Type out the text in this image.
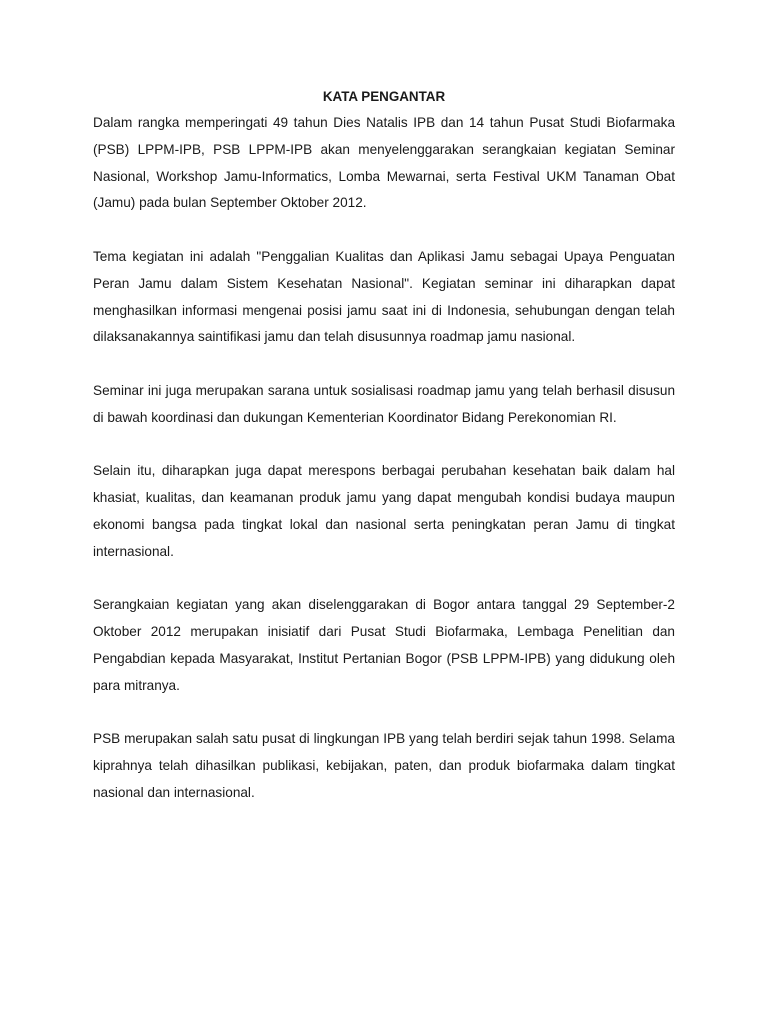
KATA PENGANTAR

Dalam rangka memperingati 49 tahun Dies Natalis IPB dan 14 tahun Pusat Studi Biofarmaka (PSB) LPPM-IPB, PSB LPPM-IPB akan menyelenggarakan serangkaian kegiatan Seminar Nasional, Workshop Jamu-Informatics, Lomba Mewarnai, serta Festival UKM Tanaman Obat (Jamu) pada bulan September Oktober 2012.

Tema kegiatan ini adalah "Penggalian Kualitas dan Aplikasi Jamu sebagai Upaya Penguatan Peran Jamu dalam Sistem Kesehatan Nasional". Kegiatan seminar ini diharapkan dapat menghasilkan informasi mengenai posisi jamu saat ini di Indonesia, sehubungan dengan telah dilaksanakannya saintifikasi jamu dan telah disusunnya roadmap jamu nasional.

Seminar ini juga merupakan sarana untuk sosialisasi roadmap jamu yang telah berhasil disusun di bawah koordinasi dan dukungan Kementerian Koordinator Bidang Perekonomian RI.

Selain itu, diharapkan juga dapat merespons berbagai perubahan kesehatan baik dalam hal khasiat, kualitas, dan keamanan produk jamu yang dapat mengubah kondisi budaya maupun ekonomi bangsa pada tingkat lokal dan nasional serta peningkatan peran Jamu di tingkat internasional.

Serangkaian kegiatan yang akan diselenggarakan di Bogor antara tanggal 29 September-2 Oktober 2012 merupakan inisiatif dari Pusat Studi Biofarmaka, Lembaga Penelitian dan Pengabdian kepada Masyarakat, Institut Pertanian Bogor (PSB LPPM-IPB) yang didukung oleh para mitranya.

PSB merupakan salah satu pusat di lingkungan IPB yang telah berdiri sejak tahun 1998. Selama kiprahnya telah dihasilkan publikasi, kebijakan, paten, dan produk biofarmaka dalam tingkat nasional dan internasional.
